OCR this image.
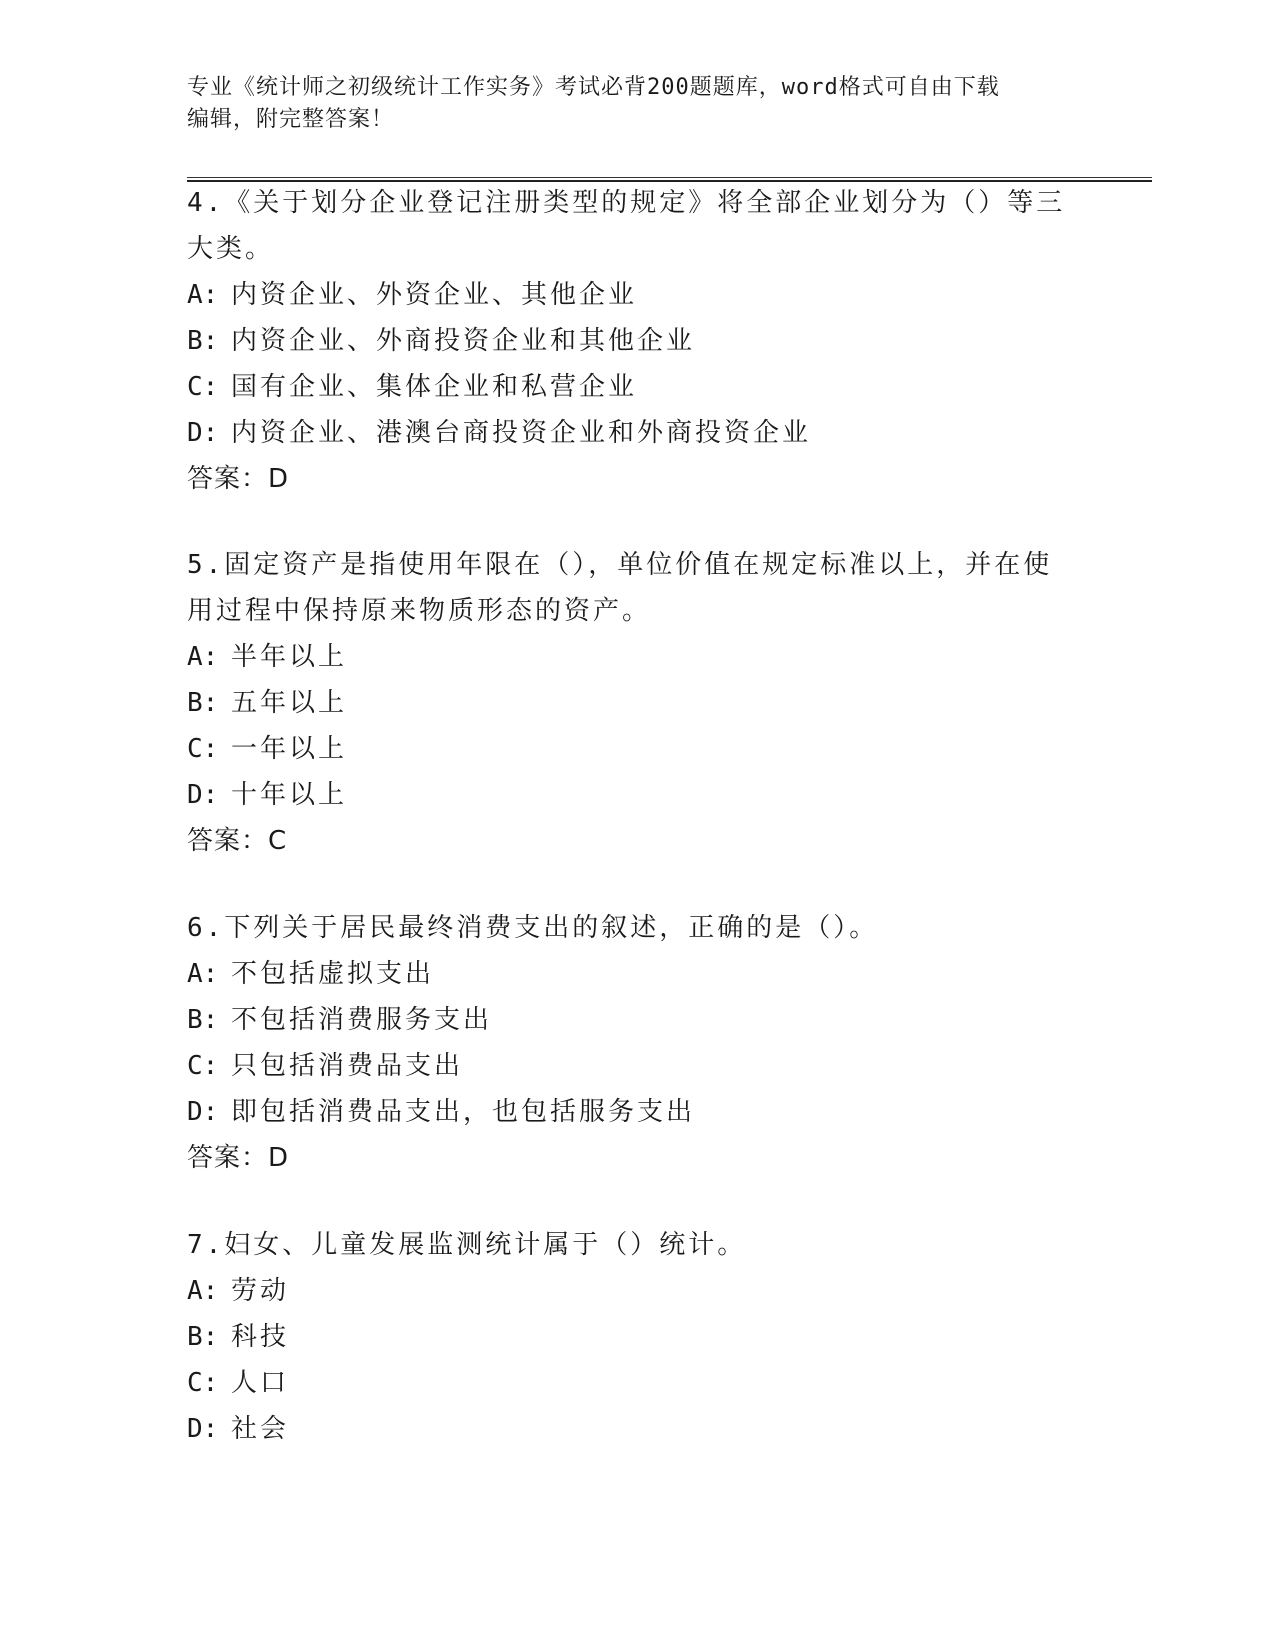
专业《统计师之初级统计工作实务》考试必背200题题库，word格式可自由下载
编辑，附完整答案！
4.《关于划分企业登记注册类型的规定》将全部企业划分为（）等三
大类。
A: 内资企业、外资企业、其他企业
B: 内资企业、外商投资企业和其他企业
C: 国有企业、集体企业和私营企业
D: 内资企业、港澳台商投资企业和外商投资企业
答案：D
5.固定资产是指使用年限在（），单位价值在规定标准以上，并在使
用过程中保持原来物质形态的资产。
A: 半年以上
B: 五年以上
C: 一年以上
D: 十年以上
答案：C
6.下列关于居民最终消费支出的叙述，正确的是（）。
A: 不包括虚拟支出
B: 不包括消费服务支出
C: 只包括消费品支出
D: 即包括消费品支出，也包括服务支出
答案：D
7.妇女、儿童发展监测统计属于（）统计。
A: 劳动
B: 科技
C: 人口
D: 社会
